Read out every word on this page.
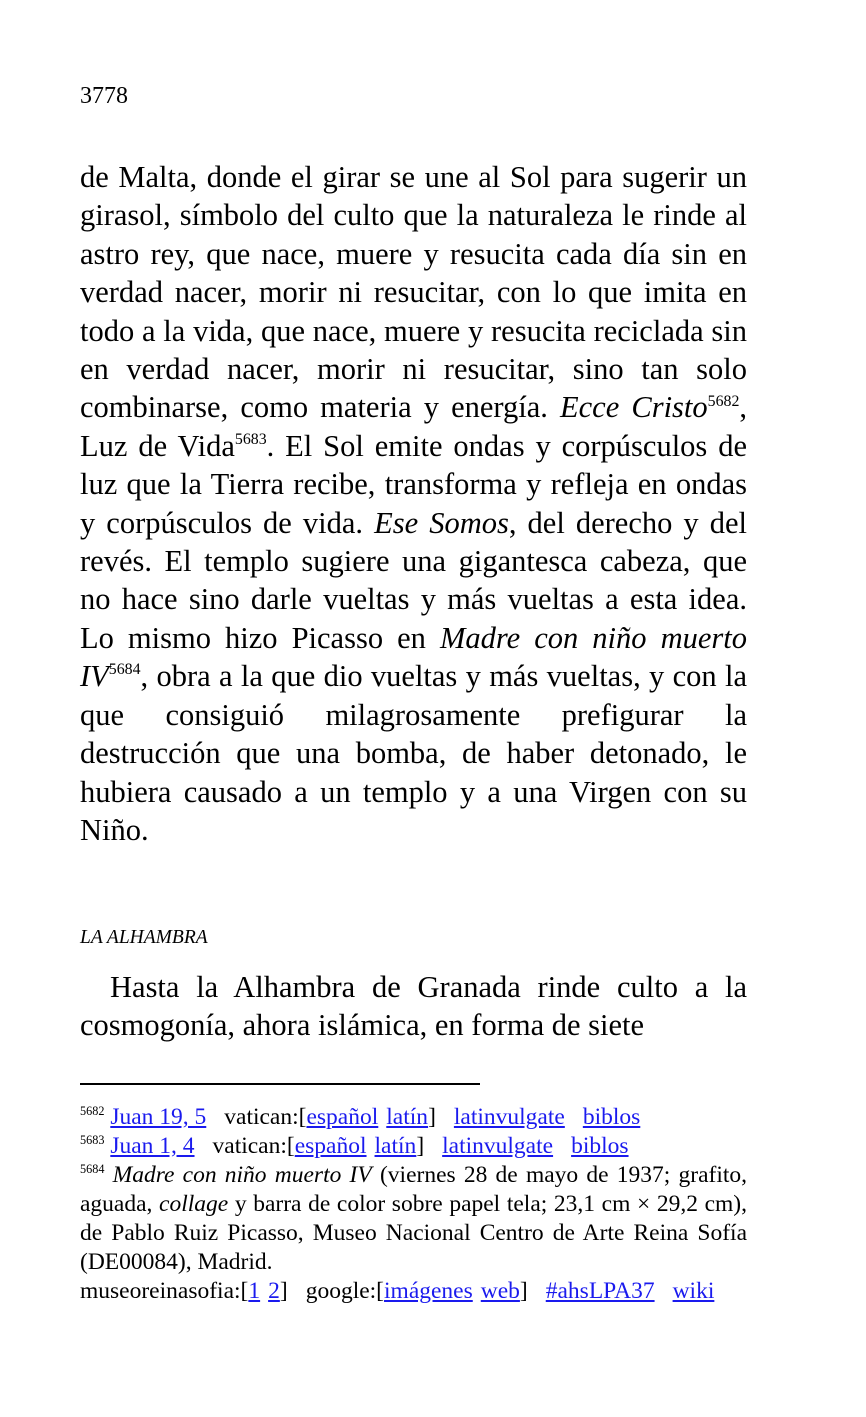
3778

de Malta, donde el girar se une al Sol para sugerir un girasol, símbolo del culto que la naturaleza le rinde al astro rey, que nace, muere y resucita cada día sin en verdad nacer, morir ni resucitar, con lo que imita en todo a la vida, que nace, muere y resucita reciclada sin en verdad nacer, morir ni resucitar, sino tan solo combinarse, como materia y energía. Ecce Cristo$^{5682}$, Luz de Vida$^{5683}$. El Sol emite ondas y corpúsculos de luz que la Tierra recibe, transforma y refleja en ondas y corpúsculos de vida. Ese Somos, del derecho y del revés. El templo sugiere una gigantesca cabeza, que no hace sino darle vueltas y más vueltas a esta idea. Lo mismo hizo Picasso en Madre con niño muerto $IV^{5684}$, obra a la que dio vueltas y más vueltas, y con la que consiguió milagrosamente prefigurar la destrucción que una bomba, de haber detonado, le hubiera causado a un templo y a una Virgen con su Niño.

LA ALHAMBRA

Hasta la Alhambra de Granada rinde culto a la cosmogonía, ahora islámica, en forma de siete

$^{5682}$ Juan 19, 5 vatican:[español latín] latinvulgate biblos

$^{5683}$ Juan 1, 4 vatican:[español latín] latinvulgate biblos

$^{5684}$ Madre con niño muerto IV (viernes 28 de mayo de 1937; grafito, aguada, collage y barra de color sobre papel tela; 23,1 cm × 29,2 cm), de Pablo Ruiz Picasso, Museo Nacional Centro de Arte Reina Sofía (DE00084), Madrid.

museoreinasofia:[1 2] google:[imágenes web] #ahsLPA37 wiki
